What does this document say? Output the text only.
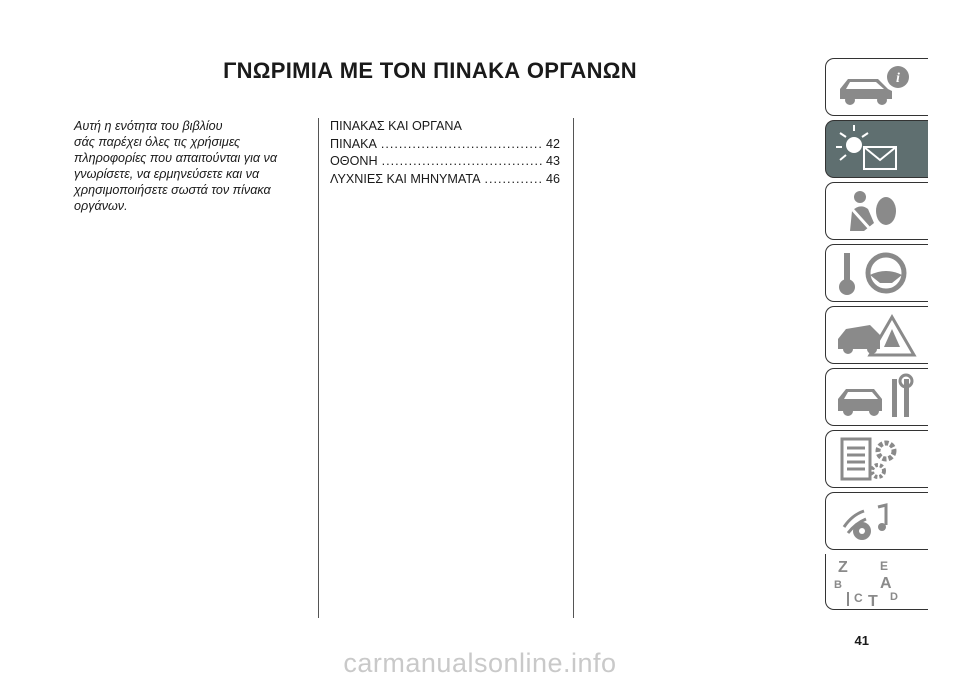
ΓΝΩΡΙΜΙΑ ΜΕ ΤΟΝ ΠΙΝΑΚΑ ΟΡΓΑΝΩΝ
Αυτή η ενότητα του βιβλίου
σάς παρέχει όλες τις χρήσιμες
πληροφορίες που απαιτούνται για να
γνωρίσετε, να ερμηνεύσετε και να
χρησιμοποιήσετε σωστά τον πίνακα
οργάνων.
ΠΙΝΑΚΑΣ ΚΑΙ ΟΡΓΑΝΑ
ΠΙΝΑΚΑ .....	42
ΟΘΟΝΗ .....	43
ΛΥΧΝΙΕΣ ΚΑΙ ΜΗΝΥΜΑΤΑ .....	46
i
Z	E
A
B
C T D
41
carmanualsonline.info
